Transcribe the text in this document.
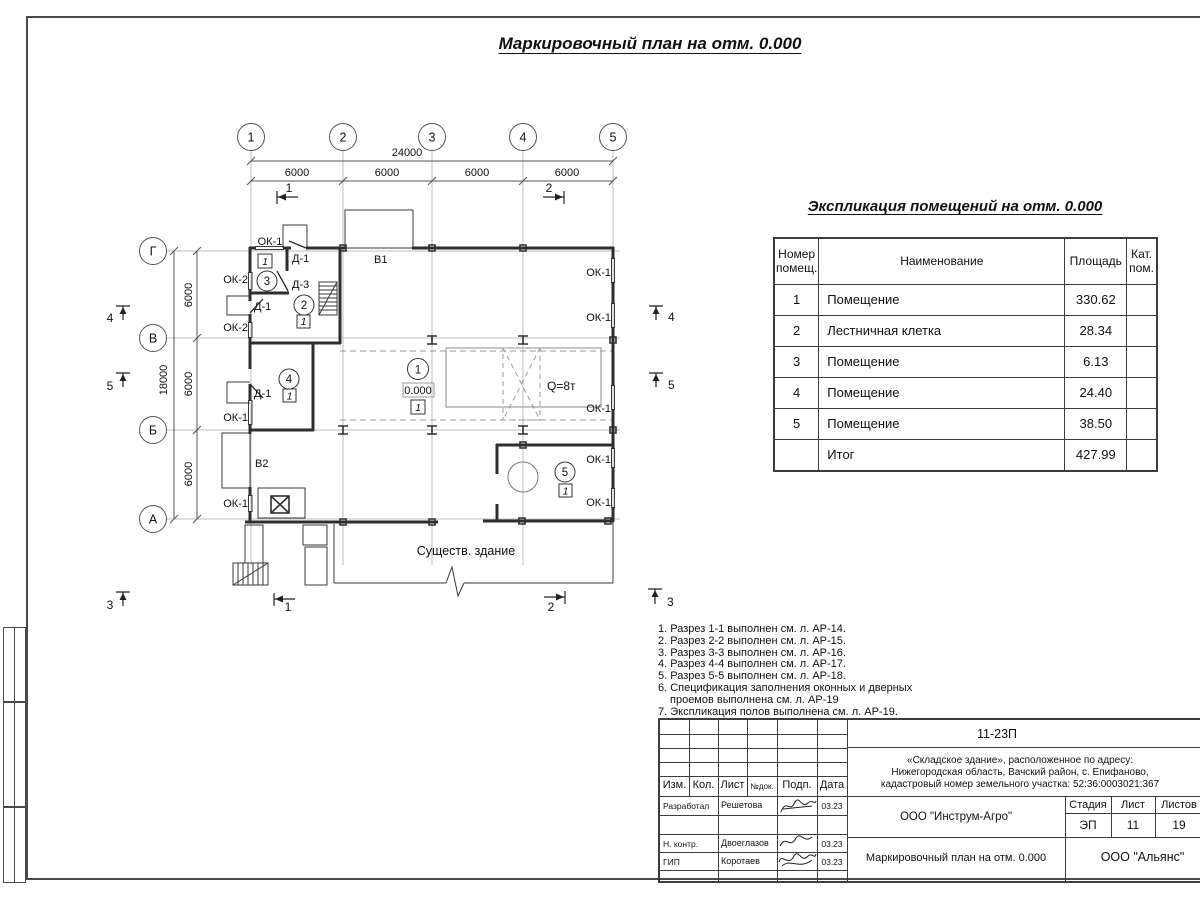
Маркировочный план на отм. 0.000
24000
6000	6000	6000	6000
18000
6000
6000
6000
1	2	3	4	5
Г
В
Б
А
1	2
4
5
4
5
3	3
1	2
1
0.000
1
2
1
3
1
4
1
5
1
ОК-1
Д-1
ОК-2	Д-3
Д-1
ОК-2
Д-1
ОК-1
В2
ОК-1
В1
ОК-1
ОК-1
ОК-1
ОК-1
ОК-1
Q=8т
Существ. здание
Экспликация помещений на отм. 0.000
Номер помещ.	Наименование	Площадь	Кат. пом.
1	Помещение	330.62	
2	Лестничная клетка	28.34	
3	Помещение	6.13	
4	Помещение	24.40	
5	Помещение	38.50	
	Итог	427.99	
1. Разрез 1-1 выполнен см. л. АР-14.
2. Разрез 2-2 выполнен см. л. АР-15.
3. Разрез 3-3 выполнен см. л. АР-16.
4. Разрез 4-4 выполнен см. л. АР-17.
5. Разрез 5-5 выполнен см. л. АР-18.
6. Спецификация заполнения оконных и дверных
проемов выполнена см. л. АР-19
7. Экспликация полов выполнена см. л. АР-19.
Изм. Кол. Лист №док. Подп. Дата
Разработал	Решетова	03.23
Н. контр.	Двоеглазов	03.23
ГИП	Коротаев	03.23
11-23П
«Складское здание», расположенное по адресу:
Нижегородская область, Вачский район, с. Епифаново,
кадастровый номер земельного участка: 52:36:0003021:367
ООО "Инструм-Агро"
Стадия	Лист	Листов
ЭП	11	19
Маркировочный план на отм. 0.000	ООО "Альянс"
